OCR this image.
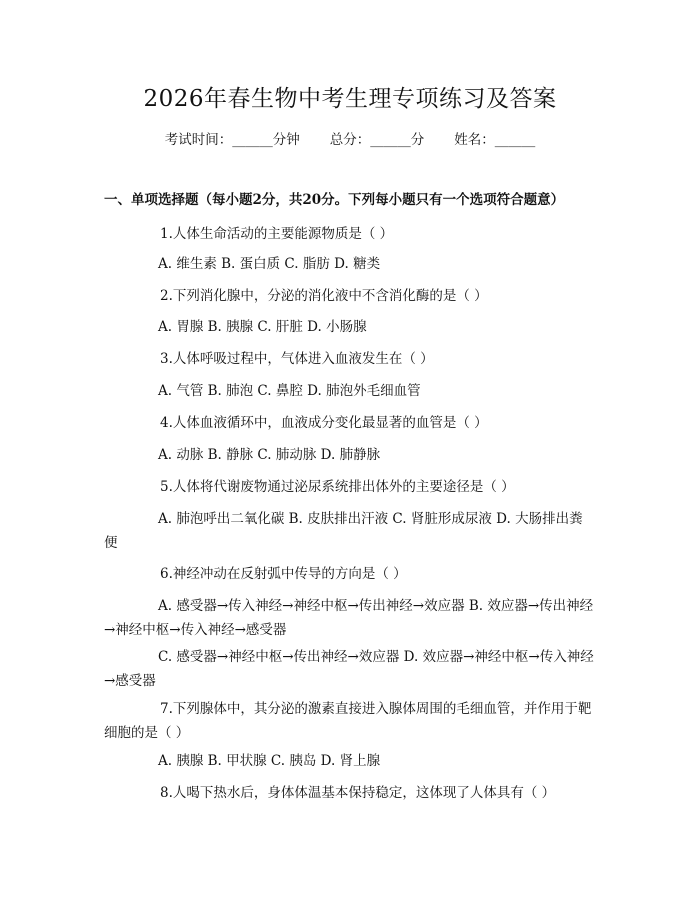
2026年春生物中考生理专项练习及答案
考试时间：______分钟 总分：______分 姓名：______
一、单项选择题（每小题2分，共20分。下列每小题只有一个选项符合题意）
1.人体生命活动的主要能源物质是（ ）
A. 维生素 B. 蛋白质 C. 脂肪 D. 糖类
2.下列消化腺中，分泌的消化液中不含消化酶的是（ ）
A. 胃腺 B. 胰腺 C. 肝脏 D. 小肠腺
3.人体呼吸过程中，气体进入血液发生在（ ）
A. 气管 B. 肺泡 C. 鼻腔 D. 肺泡外毛细血管
4.人体血液循环中，血液成分变化最显著的血管是（ ）
A. 动脉 B. 静脉 C. 肺动脉 D. 肺静脉
5.人体将代谢废物通过泌尿系统排出体外的主要途径是（ ）
A. 肺泡呼出二氧化碳 B. 皮肤排出汗液 C. 肾脏形成尿液 D. 大肠排出粪便
6.神经冲动在反射弧中传导的方向是（ ）
A. 感受器→传入神经→神经中枢→传出神经→效应器 B. 效应器→传出神经→神经中枢→传入神经→感受器
C. 感受器→神经中枢→传出神经→效应器 D. 效应器→神经中枢→传入神经→感受器
7.下列腺体中，其分泌的激素直接进入腺体周围的毛细血管，并作用于靶细胞的是（ ）
A. 胰腺 B. 甲状腺 C. 胰岛 D. 肾上腺
8.人喝下热水后，身体体温基本保持稳定，这体现了人体具有（ ）
